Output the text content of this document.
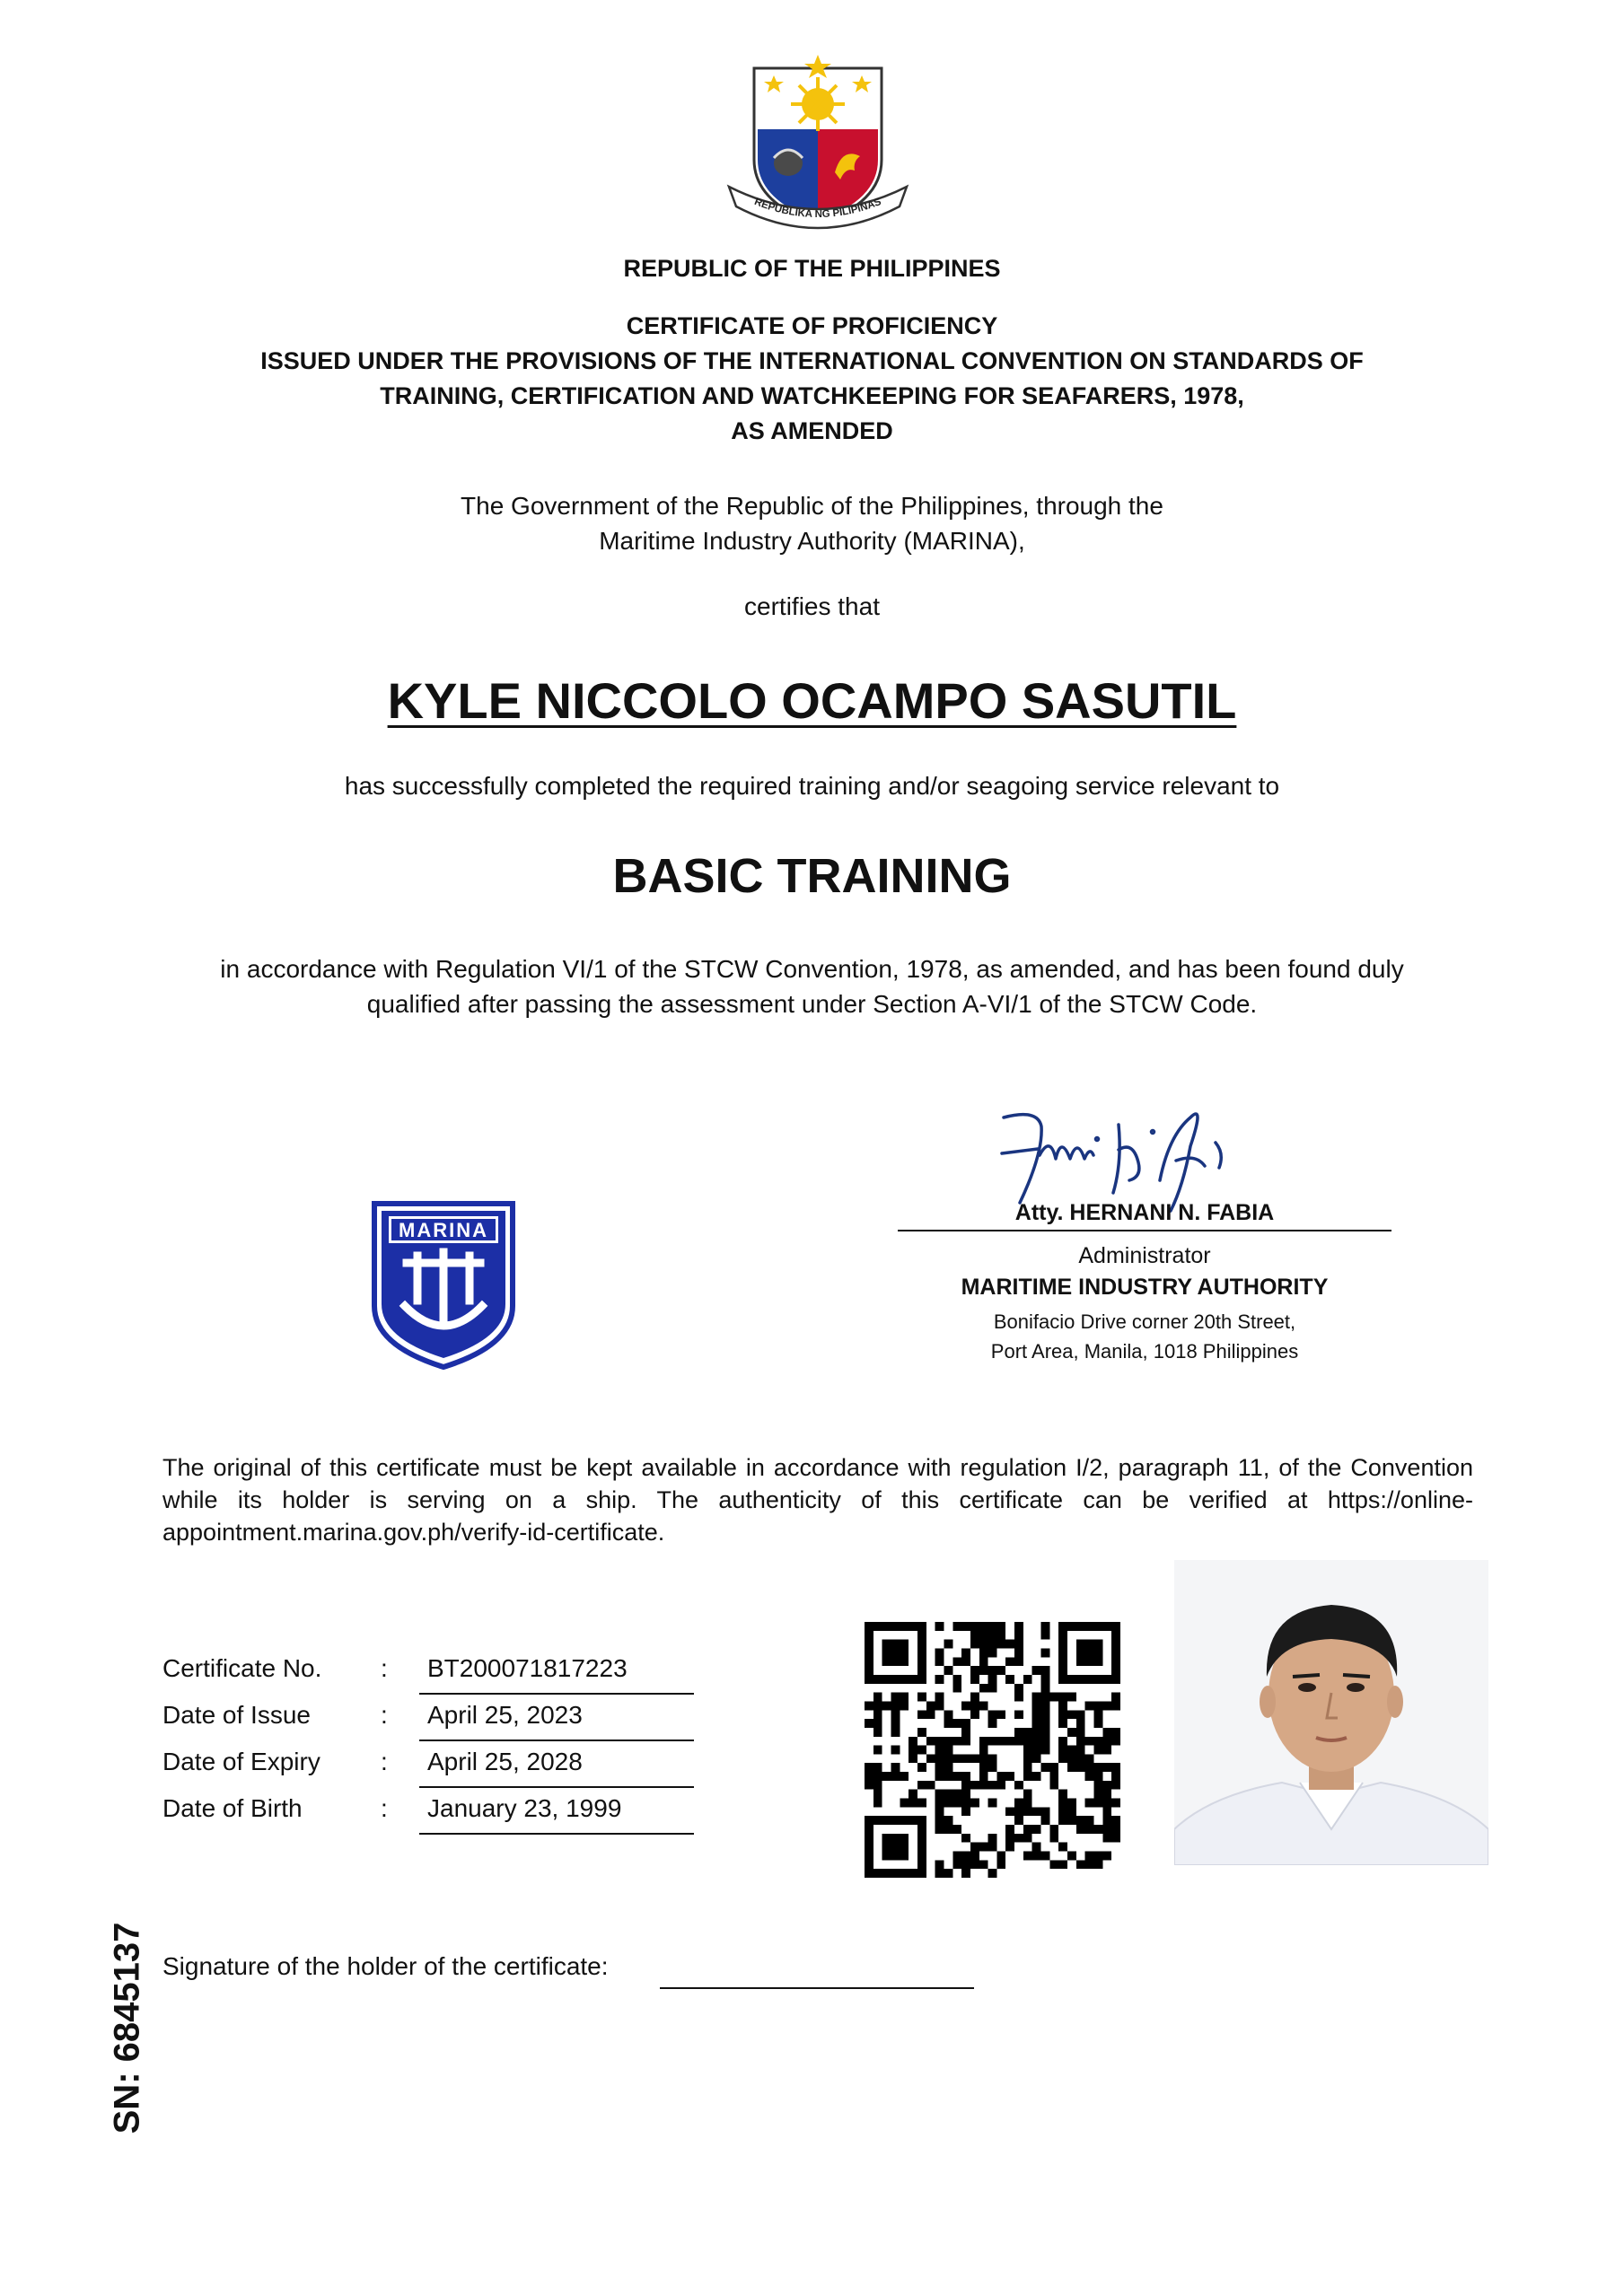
REPUBLIKA NG PILIPINAS
REPUBLIC OF THE PHILIPPINES
CERTIFICATE OF PROFICIENCY
ISSUED UNDER THE PROVISIONS OF THE INTERNATIONAL CONVENTION ON STANDARDS OF
TRAINING, CERTIFICATION AND WATCHKEEPING FOR SEAFARERS, 1978,
AS AMENDED
The Government of the Republic of the Philippines, through the
Maritime Industry Authority (MARINA),
certifies that
KYLE NICCOLO OCAMPO SASUTIL
has successfully completed the required training and/or seagoing service relevant to
BASIC TRAINING
in accordance with Regulation VI/1 of the STCW Convention, 1978, as amended, and has been found duly
qualified after passing the assessment under Section A-VI/1 of the STCW Code.
MARINA
Atty. HERNANI N. FABIA
Administrator
MARITIME INDUSTRY AUTHORITY
Bonifacio Drive corner 20th Street,
Port Area, Manila, 1018 Philippines
The original of this certificate must be kept available in accordance with regulation I/2, paragraph 11, of the Convention while its holder is serving on a ship. The authenticity of this certificate can be verified at https://online-appointment.marina.gov.ph/verify-id-certificate.
Certificate No.	: BT200071817223
Date of Issue	: April 25, 2023
Date of Expiry	: April 25, 2028
Date of Birth	: January 23, 1999
Signature of the holder of the certificate:
SN: 6845137
